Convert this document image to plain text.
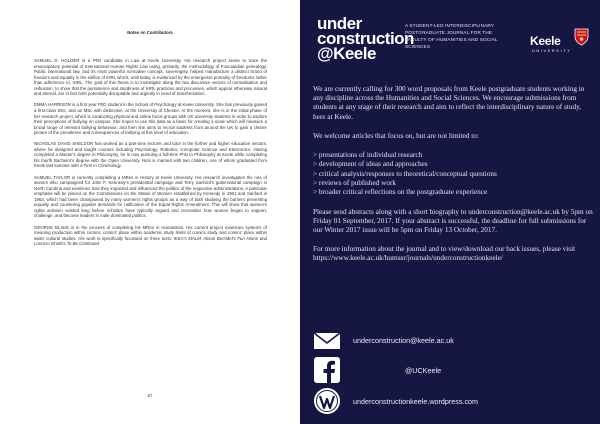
Notes on Contributors

SAMUEL D. HOLDER is a PhD candidate in Law at Keele University. His research project seeks to trace the emancipatory potential of International Human Rights Law using, primarily, the methodology of Foucauldian genealogy. Public international law, and its most powerful normative concept, sovereignty, helped manufacture a distinct brand of freedom and equality in the edifice of IHRL which, until today, is evidenced by the emergence primarily of freedoms rather than adherence to, IHRL. The goal of this thesis is to investigate along the two discursive vectors of normalisation and reification, to show that the persistence and sturdiness of IHRL practices and processes, which appear otherwise natural and eternal, are in fact both potentially disruptable and urgently in need of transformation.

EMMA HARRISON is a first year PhD student in the School of Psychology at Keele University. She has previously gained a first-class BSc, and an MSc with distinction, at the University of Chester. At the moment, she is in the initial phase of her research project, which is conducting physical and online focus groups with UK university students in order to explore their perceptions of bullying on campus. She hopes to use this data as a basis for creating a scale which will measure a broad range of relevant bullying behaviour, and then she aims to recruit students from around the UK to gain a clearer picture of the prevalence and consequences of bullying at this level of education.

NICHOLAS DAVID SHELDON has worked as a part-time lecturer and tutor in the further and higher education sectors, where he designed and taught courses including Psychology, Robotics, Computer Science and Electronics. Having completed a Master's degree in Philosophy, he is now pursuing a full-time PhD in Philosophy at Keele while completing his fourth Bachelor's degree with the Open University. Nick is married with two children, one of whom graduated from Keele last summer with a First in Criminology.

SAMUEL TAYLOR is currently completing a MRes in History at Keele University. His research investigates the role of women who campaigned for John F. Kennedy's presidential campaign and Terry Sanford's gubernatorial campaign in North Carolina and examines how they impacted and influenced the politics of the respective administrations. A particular emphasis will be placed on the Commissions on the Status of Women established by Kennedy in 1961 and Sanford in 1963, which had been championed by many women's rights groups as a way of both studying the barriers preventing equality and countering popular demands for ratification of the Equal Rights Amendment. This will show that women's rights activism existed long before scholars have typically argued and reconsider how women began to support, challenge, and become leaders in male dominated politics.

GEORGE BLAKE is in the process of completing his MRes in Humanities. His current project examines systems of meaning production within comics; comics' place within academic study limits of comics study and comics' place within wider cultural studies. His work is specifically focussed on three texts: IKEA's MALM, Alison Bechdel's Fun Home and Lorenzo Ghetti's To Be Continued.

57
under
construction
@Keele
A STUDENT-LED INTERDISCIPLINARY POSTGRADUATE JOURNAL FOR THE FACULTY OF HUMANITIES AND SOCIAL SCIENCES	Keele
UNIVERSITY

We are currently calling for 300 word proposals from Keele postgraduate students working in any discipline across the Humanities and Social Sciences. We encourage submissions from students at any stage of their research and aim to reflect the interdisciplinary nature of study, here at Keele.

We welcome articles that focus on, but are not limited to:

> presentations of individual research
> development of ideas and approaches
> critical analysis/responses to theoretical/conceptual questions
> reviews of published work
> broader critical reflections on the postgraduate experience

Please send abstracts along with a short biography to underconstruction@keele.ac.uk by 5pm on Friday 01 September, 2017. If your abstract is successful, the deadline for full submissions for our Winter 2017 issue will be 5pm on Friday 13 October, 2017.

For more information about the journal and to view/download our back issues, please visit https://www.keele.ac.uk/humssr/journals/underconstructionkeele/

underconstruction@keele.ac.uk
@UCKeele
underconstructionkeele.wordpress.com
